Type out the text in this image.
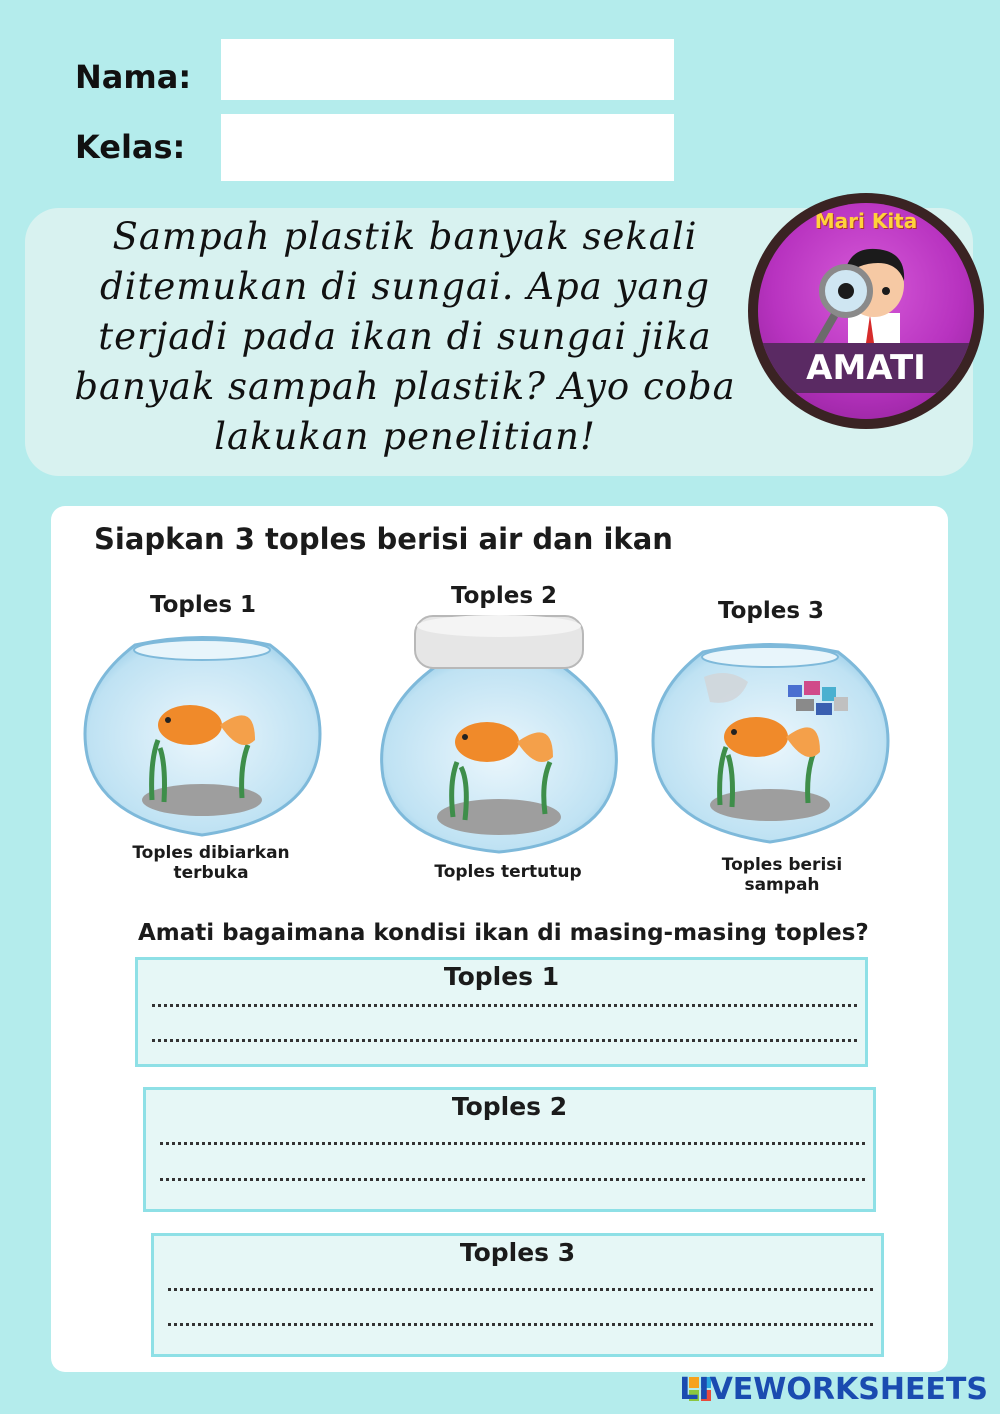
Nama:
Kelas:
Sampah plastik banyak sekali
ditemukan di sungai. Apa yang
terjadi pada ikan di sungai jika
banyak sampah plastik? Ayo coba
lakukan penelitian!
Mari Kita
AMATI
Siapkan 3 toples berisi air dan ikan
Toples 1
Toples dibiarkan
terbuka
Toples 2
Toples tertutup
Toples 3
Toples berisi
sampah
Amati bagaimana kondisi ikan di masing-masing toples?
Toples 1
Toples 2
Toples 3
LIVEWORKSHEETS
